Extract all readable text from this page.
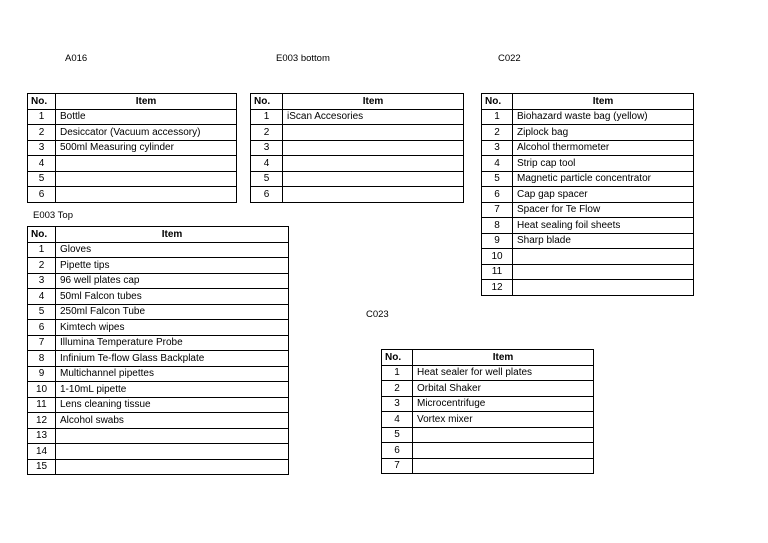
A016	E003 bottom	C022
E003 Top
C023
No.	Item
1	Bottle
2	Desiccator (Vacuum accessory)
3	500ml Measuring cylinder
4	
5	
6	
No.	Item
1	iScan Accesories
2	
3	
4	
5	
6	
No.	Item
1	Biohazard waste bag (yellow)
2	Ziplock bag
3	Alcohol thermometer
4	Strip cap tool
5	Magnetic particle concentrator
6	Cap gap spacer
7	Spacer for Te Flow
8	Heat sealing foil sheets
9	Sharp blade
10	
11	
12	
No.	Item
1	Gloves
2	Pipette tips
3	96 well plates cap
4	50ml Falcon tubes
5	250ml Falcon Tube
6	Kimtech wipes
7	Illumina Temperature Probe
8	Infinium Te-flow Glass Backplate
9	Multichannel pipettes
10	1-10mL pipette
11	Lens cleaning tissue
12	Alcohol swabs
13	
14	
15	
No.	Item
1	Heat sealer for well plates
2	Orbital Shaker
3	Microcentrifuge
4	Vortex mixer
5	
6	
7	
